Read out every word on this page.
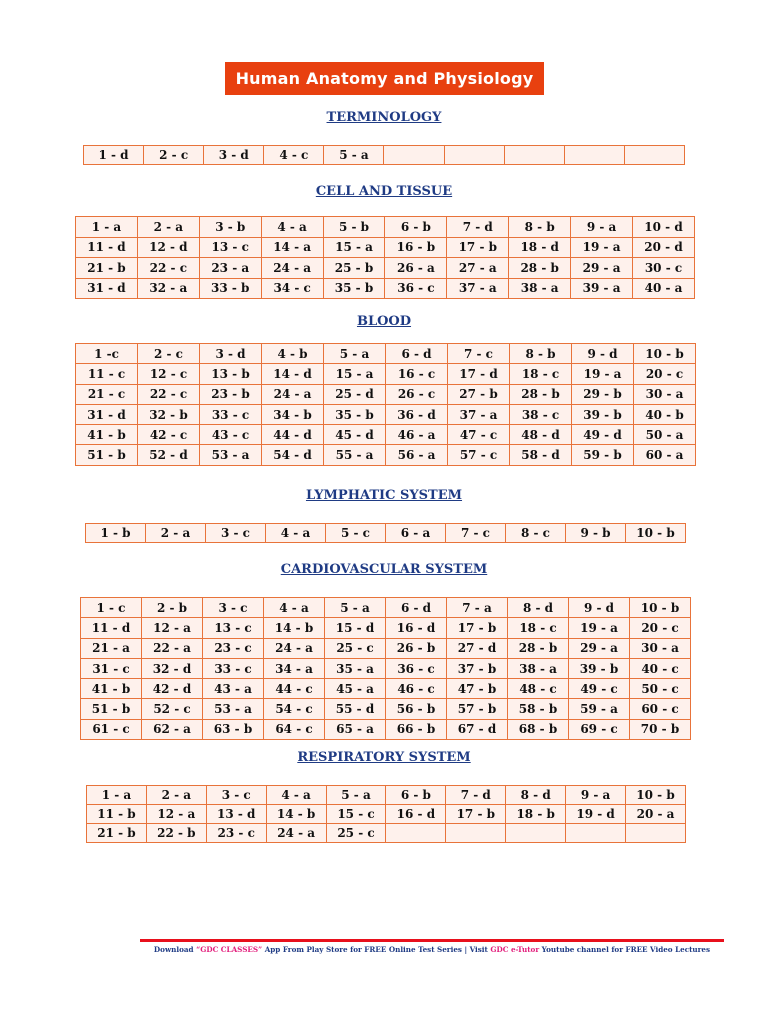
Human Anatomy and Physiology
TERMINOLOGY
1 - d	2 - c	3 - d	4 - c	5 - a					
CELL AND TISSUE
1 - a	2 - a	3 - b	4 - a	5 - b	6 - b	7 - d	8 - b	9 - a	10 - d
11 - d	12 - d	13 - c	14 - a	15 - a	16 - b	17 - b	18 - d	19 - a	20 - d
21 - b	22 - c	23 - a	24 - a	25 - b	26 - a	27 - a	28 - b	29 - a	30 - c
31 - d	32 - a	33 - b	34 - c	35 - b	36 - c	37 - a	38 - a	39 - a	40 - a
BLOOD
1 -c	2 - c	3 - d	4 - b	5 - a	6 - d	7 - c	8 - b	9 - d	10 - b
11 - c	12 - c	13 - b	14 - d	15 - a	16 - c	17 - d	18 - c	19 - a	20 - c
21 - c	22 - c	23 - b	24 - a	25 - d	26 - c	27 - b	28 - b	29 - b	30 - a
31 - d	32 - b	33 - c	34 - b	35 - b	36 - d	37 - a	38 - c	39 - b	40 - b
41 - b	42 - c	43 - c	44 - d	45 - d	46 - a	47 - c	48 - d	49 - d	50 - a
51 - b	52 - d	53 - a	54 - d	55 - a	56 - a	57 - c	58 - d	59 - b	60 - a
LYMPHATIC SYSTEM
1 - b	2 - a	3 - c	4 - a	5 - c	6 - a	7 - c	8 - c	9 - b	10 - b
CARDIOVASCULAR SYSTEM
1 - c	2 - b	3 - c	4 - a	5 - a	6 - d	7 - a	8 - d	9 - d	10 - b
11 - d	12 - a	13 - c	14 - b	15 - d	16 - d	17 - b	18 - c	19 - a	20 - c
21 - a	22 - a	23 - c	24 - a	25 - c	26 - b	27 - d	28 - b	29 - a	30 - a
31 - c	32 - d	33 - c	34 - a	35 - a	36 - c	37 - b	38 - a	39 - b	40 - c
41 - b	42 - d	43 - a	44 - c	45 - a	46 - c	47 - b	48 - c	49 - c	50 - c
51 - b	52 - c	53 - a	54 - c	55 - d	56 - b	57 - b	58 - b	59 - a	60 - c
61 - c	62 - a	63 - b	64 - c	65 - a	66 - b	67 - d	68 - b	69 - c	70 - b
RESPIRATORY SYSTEM
1 - a	2 - a	3 - c	4 - a	5 - a	6 - b	7 - d	8 - d	9 - a	10 - b
11 - b	12 - a	13 - d	14 - b	15 - c	16 - d	17 - b	18 - b	19 - d	20 - a
21 - b	22 - b	23 - c	24 - a	25 - c					
Download “GDC CLASSES” App From Play Store for FREE Online Test Series | Visit GDC e-Tutor Youtube channel for FREE Video Lectures
